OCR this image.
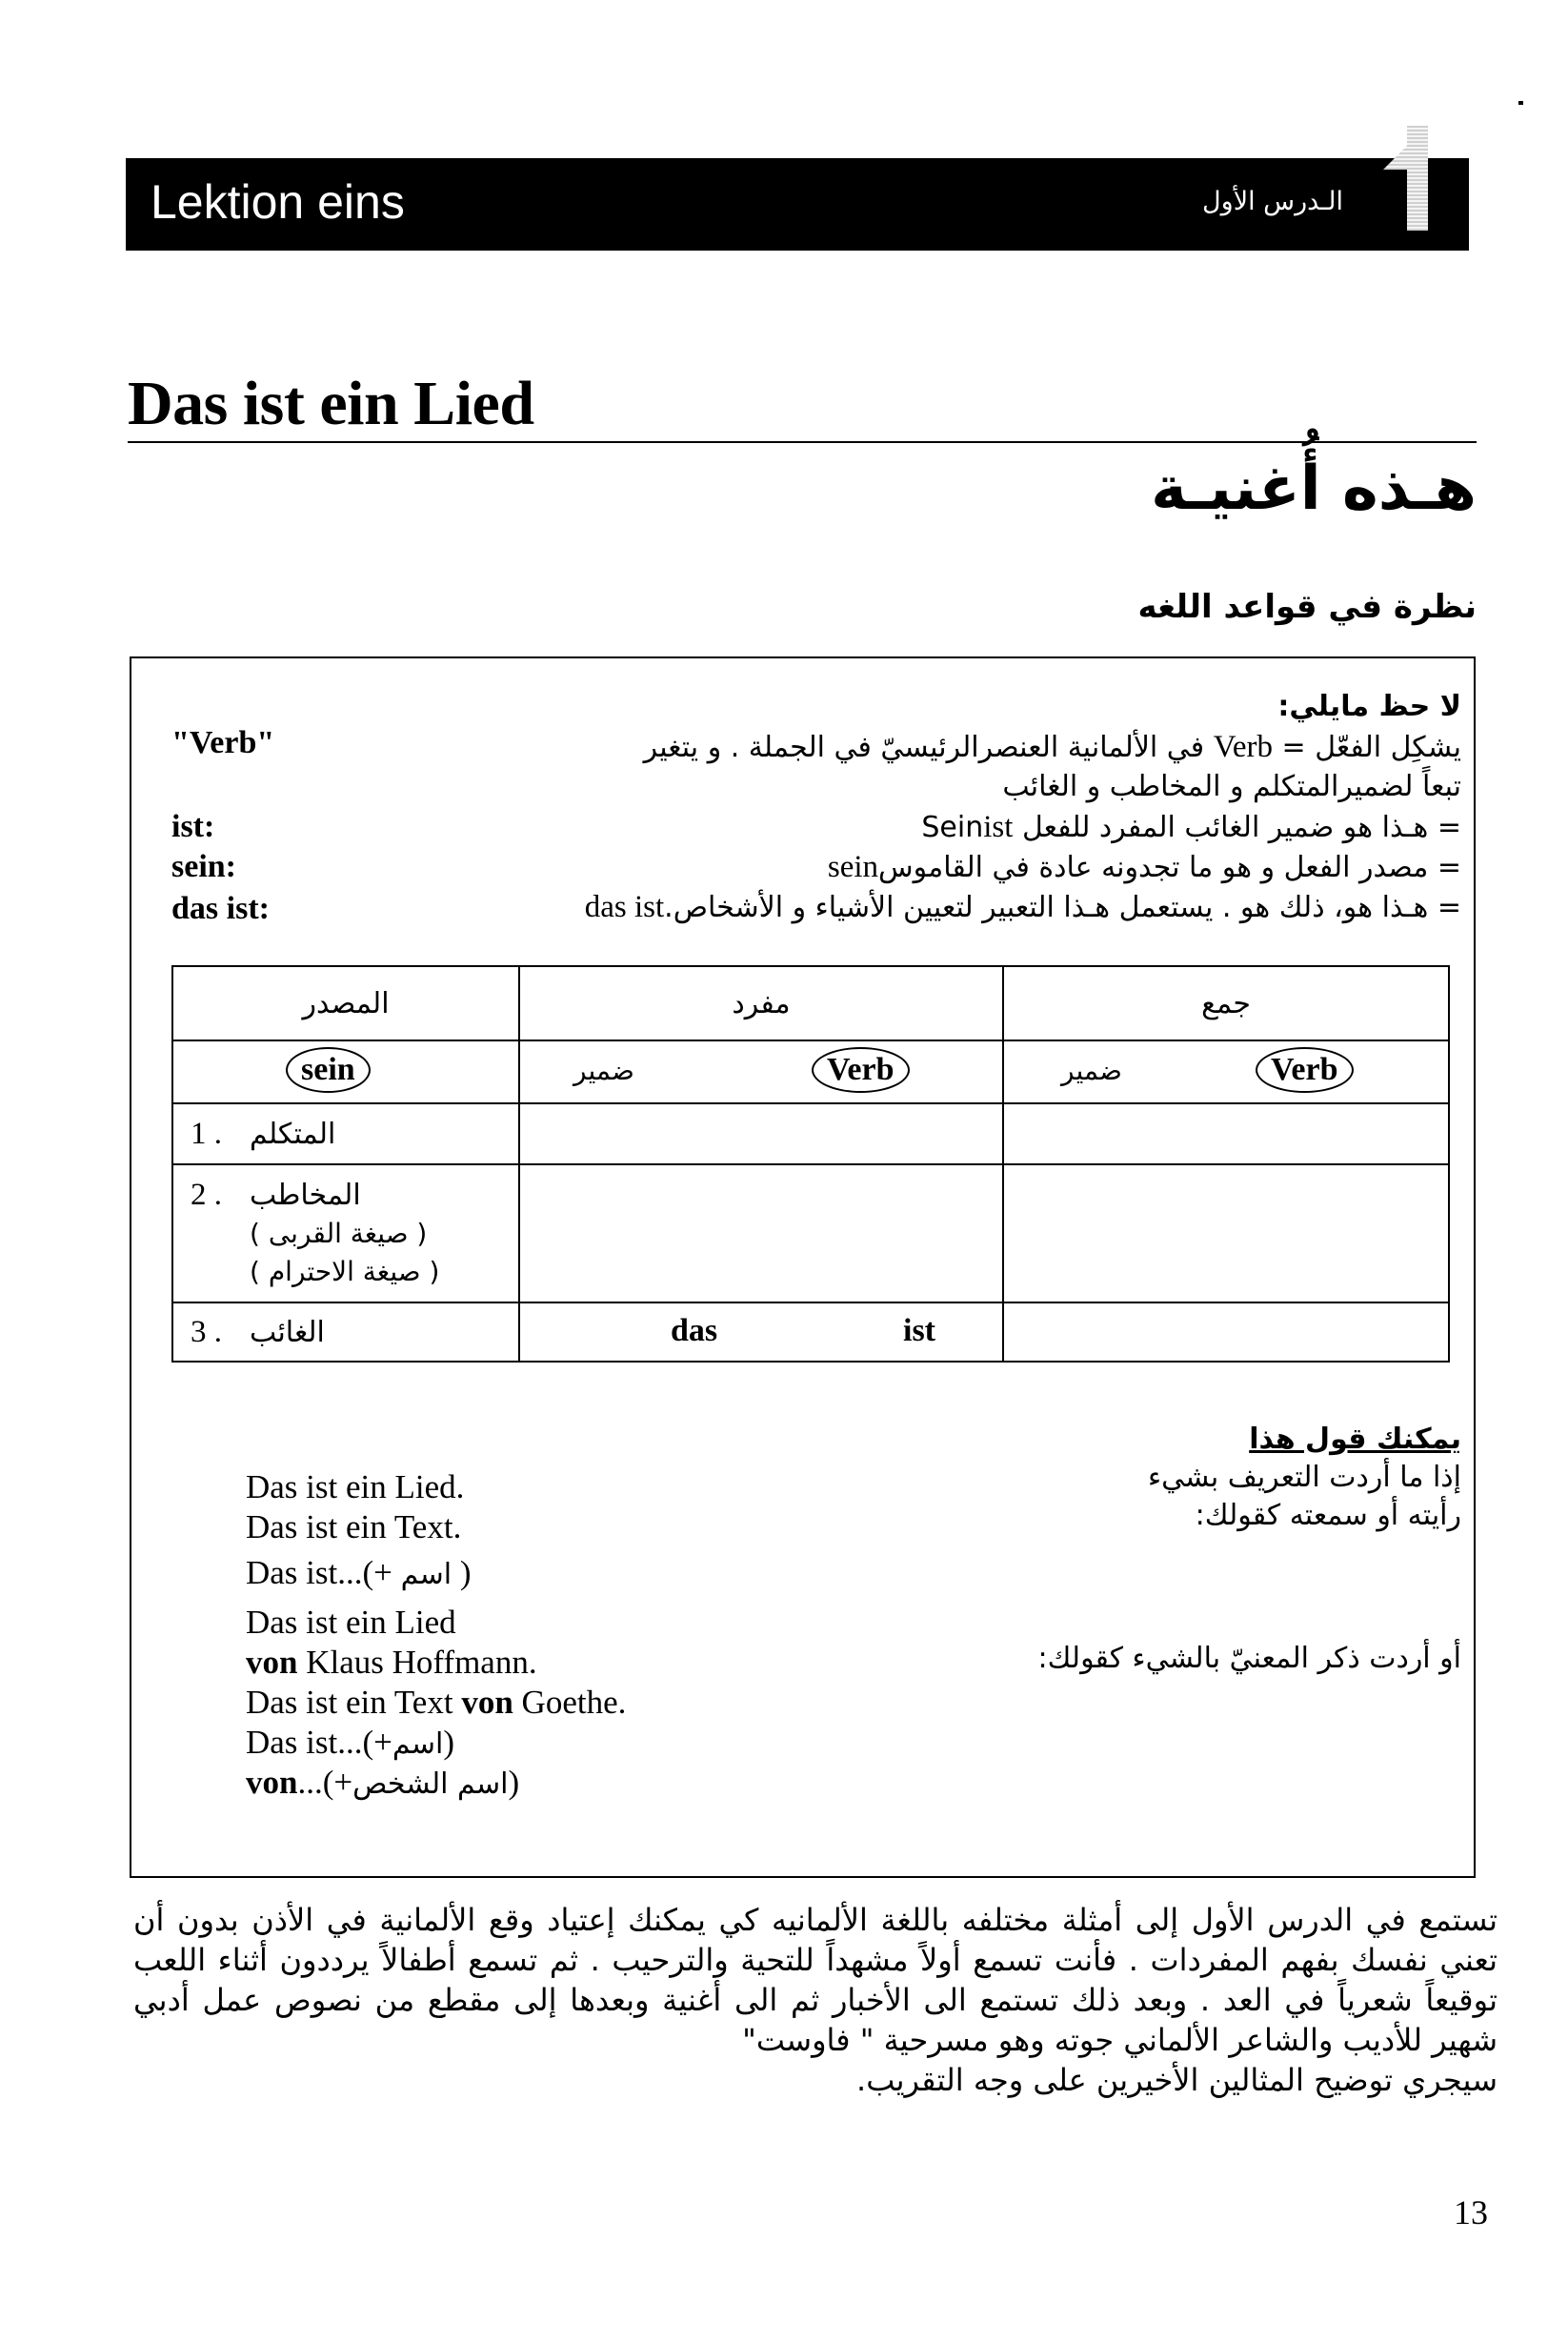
Lektion eins	الـدرس الأول
Das ist ein Lied
هـذه أُغنيـة
نظرة في قواعد اللغه
لا حظ مايلي:
"Verb"	يشكِل الفعّل = Verb في الألمانية العنصرالرئيسيّ في الجملة . و يتغير
تبعاً لضميرالمتكلم و المخاطب و الغائب
ist:	= هـذا هو ضمير الغائب المفرد للفعل Seinist
sein:	= مصدر الفعل و هو ما تجدونه عادة في القاموسsein
das ist:	= هـذا هو، ذلك هو . يستعمل هـذا التعبير لتعيين الأشياء و الأشخاص.das ist
المصدر	مفرد	جمع

sein	ضمير Verb	ضمير Verb

1 . المتكلم		
2 . المخاطب
( صيغة القربى )
( صيغة الاحترام )		

3 . الغائب	das ist	

يمكنك قول هذا
إذا ما أردت التعريف بشيء
رأيته أو سمعته كقولك:
أو أردت ذكر المعنيّ بالشيء كقولك:
Das ist ein Lied.
Das ist ein Text.
Das ist...(+ اسم )
Das ist ein Lied
von Klaus Hoffmann.
Das ist ein Text von Goethe.
Das ist...(+اسم)
von...(+اسم الشخص)

تستمع في الدرس الأول إلى أمثلة مختلفه باللغة الألمانيه كي يمكنك إعتياد وقع الألمانية في الأذن بدون أن تعني نفسك بفهم المفردات . فأنت تسمع أولاً مشهداً للتحية والترحيب . ثم تسمع أطفالاً يرددون أثناء اللعب توقيعاً شعرياً في العد . وبعد ذلك تستمع الى الأخبار ثم الى أغنية وبعدها إلى مقطع من نصوص عمل أدبي شهير للأديب والشاعر الألماني جوته وهو مسرحية " فاوست"

سيجري توضيح المثالين الأخيرين على وجه التقريب.

13
